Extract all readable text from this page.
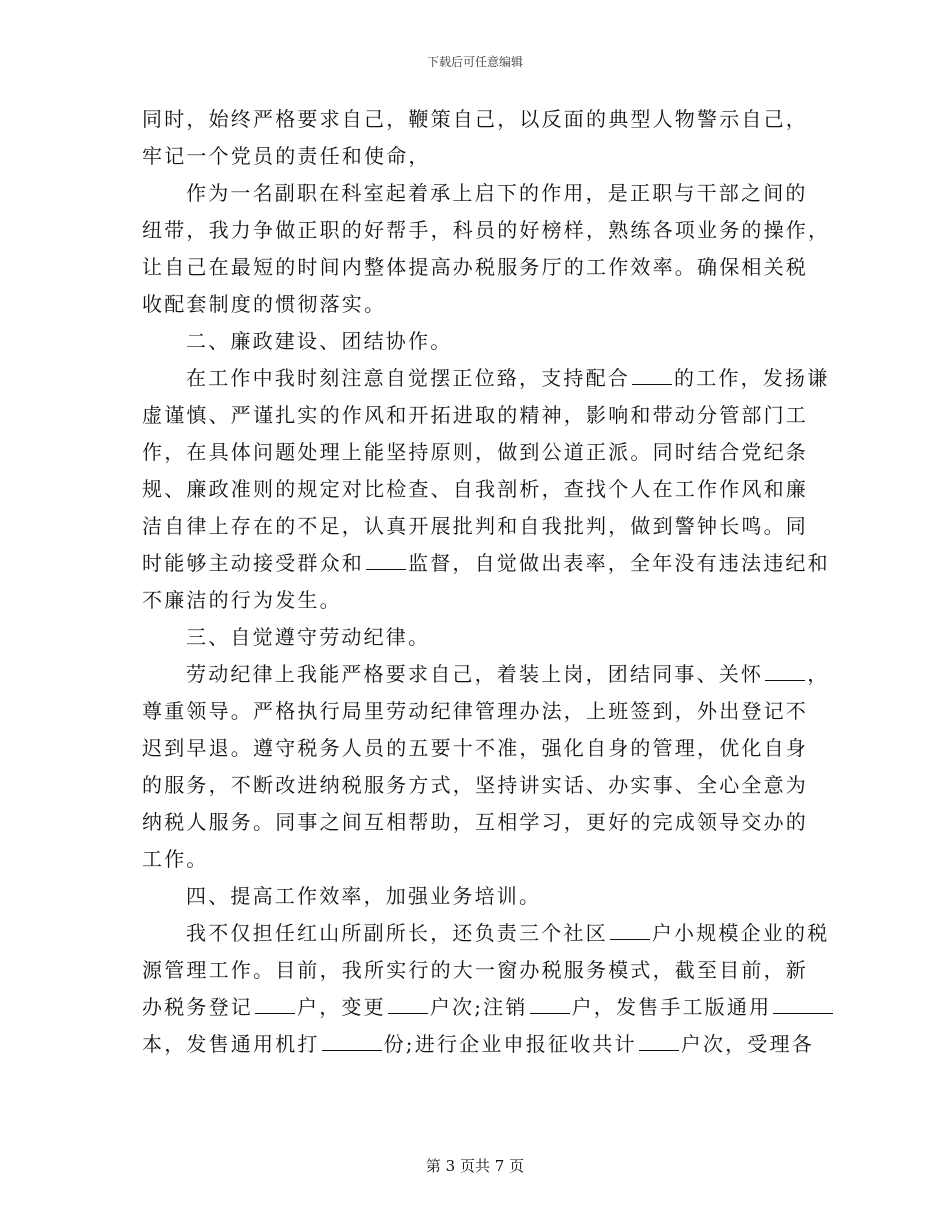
下载后可任意编辑
同时，始终严格要求自己，鞭策自己，以反面的典型人物警示自己，
牢记一个党员的责任和使命，
作为一名副职在科室起着承上启下的作用，是正职与干部之间的
纽带，我力争做正职的好帮手，科员的好榜样，熟练各项业务的操作，
让自己在最短的时间内整体提高办税服务厅的工作效率。确保相关税
收配套制度的惯彻落实。
二、廉政建设、团结协作。
在工作中我时刻注意自觉摆正位臵，支持配合 的工作，发扬谦
虚谨慎、严谨扎实的作风和开拓进取的精神，影响和带动分管部门工
作，在具体问题处理上能坚持原则，做到公道正派。同时结合党纪条
规、廉政准则的规定对比检查、自我剖析，查找个人在工作作风和廉
洁自律上存在的不足，认真开展批判和自我批判，做到警钟长鸣。同
时能够主动接受群众和 监督，自觉做出表率，全年没有违法违纪和
不廉洁的行为发生。
三、自觉遵守劳动纪律。
劳动纪律上我能严格要求自己，着装上岗，团结同事、关怀 ，
尊重领导。严格执行局里劳动纪律管理办法，上班签到，外出登记不
迟到早退。遵守税务人员的五要十不准，强化自身的管理，优化自身
的服务，不断改进纳税服务方式，坚持讲实话、办实事、全心全意为
纳税人服务。同事之间互相帮助，互相学习，更好的完成领导交办的
工作。
四、提高工作效率，加强业务培训。
我不仅担任红山所副所长，还负责三个社区 户小规模企业的税
源管理工作。目前，我所实行的大一窗办税服务模式，截至目前，新
办税务登记 户，变更 户次;注销 户，发售手工版通用
本，发售通用机打	份;进行企业申报征收共计 户次，受理各
第 3 页共 7 页
